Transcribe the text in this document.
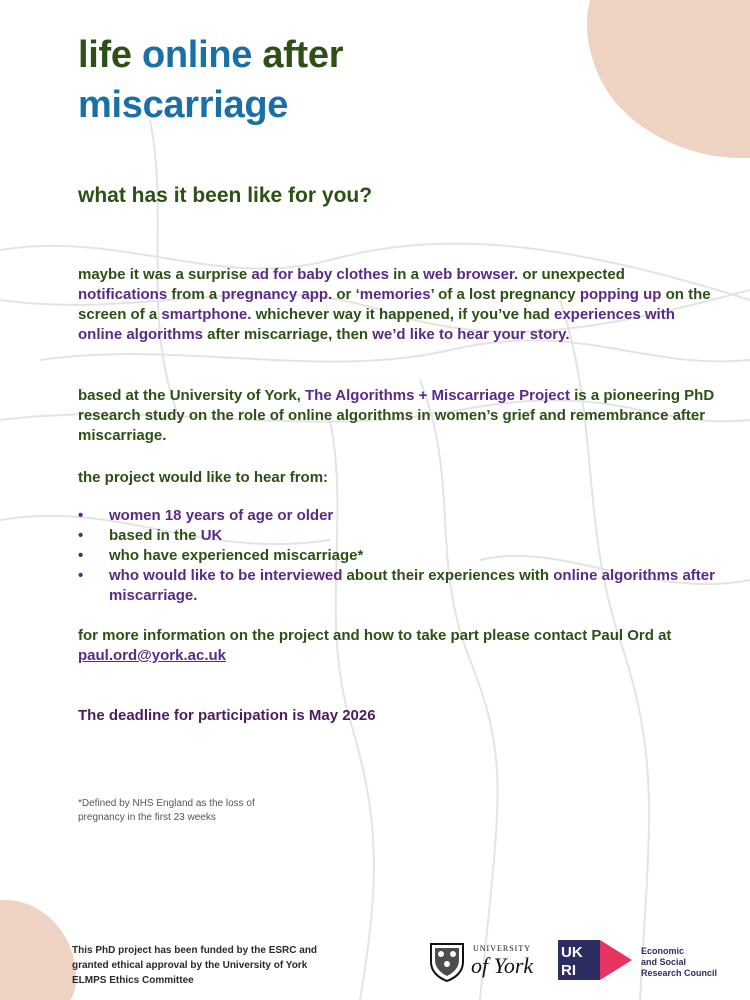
life online after
miscarriage
what has it been like for you?

maybe it was a surprise ad for baby clothes in a web browser. or unexpected notifications from a pregnancy app. or ‘memories’ of a lost pregnancy popping up on the screen of a smartphone. whichever way it happened, if you’ve had experiences with online algorithms after miscarriage, then we’d like to hear your story.

based at the University of York, The Algorithms + Miscarriage Project is a pioneering PhD research study on the role of online algorithms in women’s grief and remembrance after miscarriage.

the project would like to hear from:

• women 18 years of age or older
• based in the UK
• who have experienced miscarriage*
• who would like to be interviewed about their experiences with online algorithms after miscarriage.

for more information on the project and how to take part please contact Paul Ord at paul.ord@york.ac.uk

The deadline for participation is May 2026

*Defined by NHS England as the loss of pregnancy in the first 23 weeks

This PhD project has been funded by the ESRC and granted ethical approval by the University of York ELMPS Ethics Committee

UNIVERSITY
of York
UK
RI

Economic
and Social
Research Council
